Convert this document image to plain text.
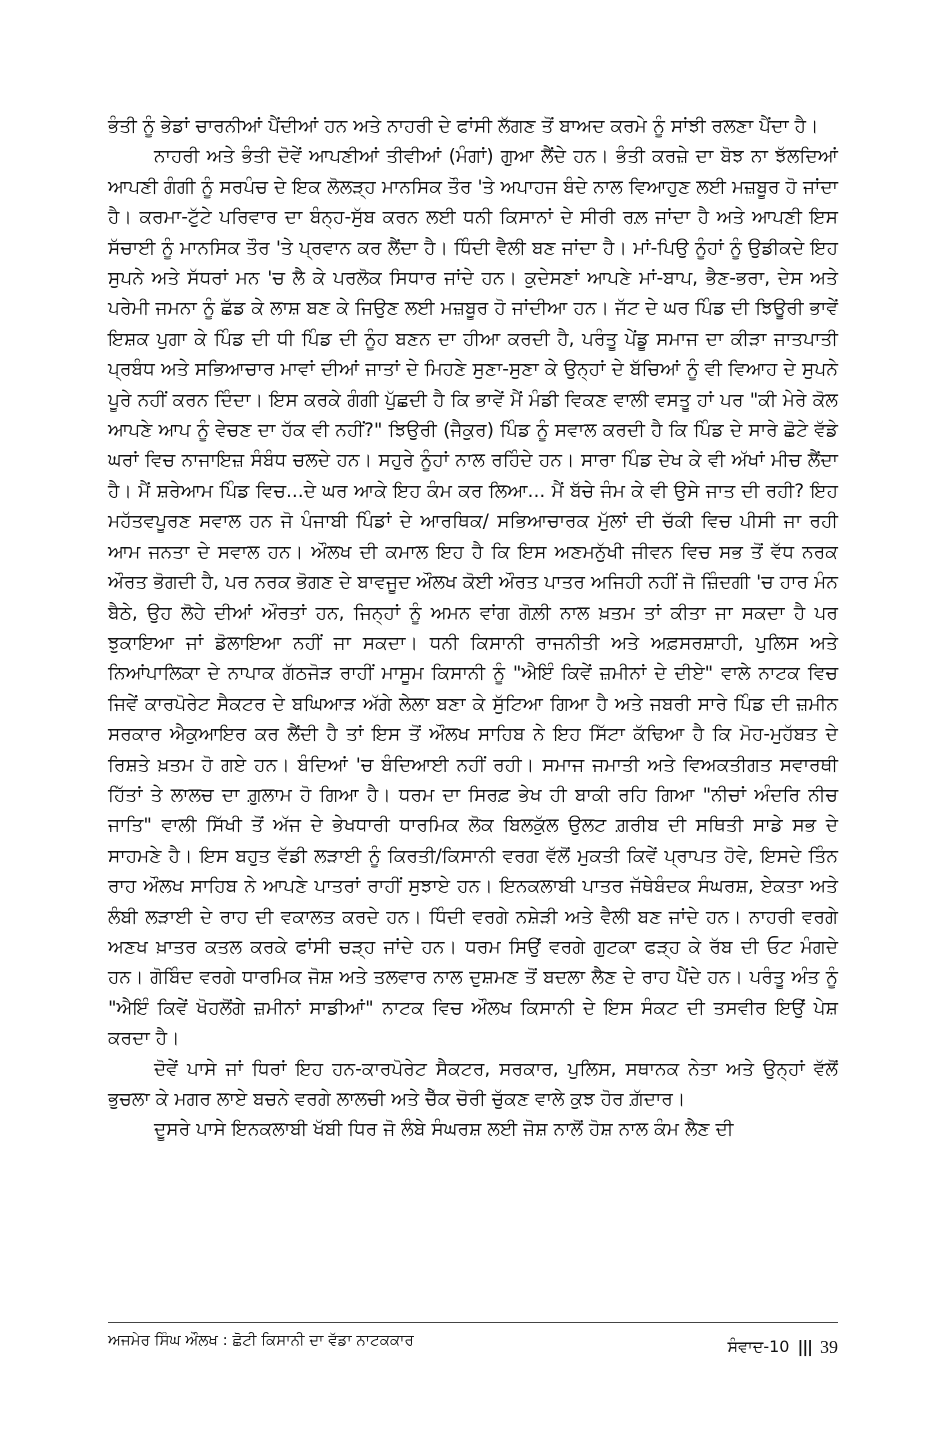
ਭੰਤੀ ਨੂੰ ਭੇਡਾਂ ਚਾਰਨੀਆਂ ਪੈਂਦੀਆਂ ਹਨ ਅਤੇ ਨਾਹਰੀ ਦੇ ਫਾਂਸੀ ਲੱਗਣ ਤੋਂ ਬਾਅਦ ਕਰਮੇ ਨੂੰ ਸਾਂਝੀ ਰਲਣਾ ਪੈਂਦਾ ਹੈ।

ਨਾਹਰੀ ਅਤੇ ਭੰਤੀ ਦੋਵੇਂ ਆਪਣੀਆਂ ਤੀਵੀਆਂ (ਮੰਗਾਂ) ਗੁਆ ਲੈਂਦੇ ਹਨ। ਭੰਤੀ ਕਰਜ਼ੇ ਦਾ ਬੋਝ ਨਾ ਝੱਲਦਿਆਂ ਆਪਣੀ ਗੰਗੀ ਨੂੰ ਸਰਪੰਚ ਦੇ ਇਕ ਲੋਲੜ੍ਹ ਮਾਨਸਿਕ ਤੌਰ 'ਤੇ ਅਪਾਹਜ ਬੰਦੇ ਨਾਲ ਵਿਆਹੁਣ ਲਈ ਮਜ਼ਬੂਰ ਹੋ ਜਾਂਦਾ ਹੈ। ਕਰਮਾ-ਟੁੱਟੇ ਪਰਿਵਾਰ ਦਾ ਬੰਨ੍ਹ-ਸੁੱਬ ਕਰਨ ਲਈ ਧਨੀ ਕਿਸਾਨਾਂ ਦੇ ਸੀਰੀ ਰਲ਼ ਜਾਂਦਾ ਹੈ ਅਤੇ ਆਪਣੀ ਇਸ ਸੱਚਾਈ ਨੂੰ ਮਾਨਸਿਕ ਤੌਰ 'ਤੇ ਪ੍ਰਵਾਨ ਕਰ ਲੈਂਦਾ ਹੈ। ਧਿੰਦੀ ਵੈਲੀ ਬਣ ਜਾਂਦਾ ਹੈ। ਮਾਂ-ਪਿਉ ਨੂੰਹਾਂ ਨੂੰ ਉਡੀਕਦੇ ਇਹ ਸੁਪਨੇ ਅਤੇ ਸੱਧਰਾਂ ਮਨ 'ਚ ਲੈ ਕੇ ਪਰਲੋਕ ਸਿਧਾਰ ਜਾਂਦੇ ਹਨ। ਕੁਦੇਸਣਾਂ ਆਪਣੇ ਮਾਂ-ਬਾਪ, ਭੈਣ-ਭਰਾ, ਦੇਸ ਅਤੇ ਪਰੇਮੀ ਜਮਨਾ ਨੂੰ ਛੱਡ ਕੇ ਲਾਸ਼ ਬਣ ਕੇ ਜਿਉਣ ਲਈ ਮਜ਼ਬੂਰ ਹੋ ਜਾਂਦੀਆ ਹਨ। ਜੱਟ ਦੇ ਘਰ ਪਿੰਡ ਦੀ ਝਿਊਰੀ ਭਾਵੇਂ ਇਸ਼ਕ ਪੁਗਾ ਕੇ ਪਿੰਡ ਦੀ ਧੀ ਪਿੰਡ ਦੀ ਨੂੰਹ ਬਣਨ ਦਾ ਹੀਆ ਕਰਦੀ ਹੈ, ਪਰੰਤੂ ਪੇਂਡੂ ਸਮਾਜ ਦਾ ਕੀੜਾ ਜਾਤਪਾਤੀ ਪ੍ਰਬੰਧ ਅਤੇ ਸਭਿਆਚਾਰ ਮਾਵਾਂ ਦੀਆਂ ਜਾਤਾਂ ਦੇ ਮਿਹਣੇ ਸੁਣਾ-ਸੁਣਾ ਕੇ ਉਨ੍ਹਾਂ ਦੇ ਬੱਚਿਆਂ ਨੂੰ ਵੀ ਵਿਆਹ ਦੇ ਸੁਪਨੇ ਪੂਰੇ ਨਹੀਂ ਕਰਨ ਦਿੰਦਾ। ਇਸ ਕਰਕੇ ਗੰਗੀ ਪੁੱਛਦੀ ਹੈ ਕਿ ਭਾਵੇਂ ਮੈਂ ਮੰਡੀ ਵਿਕਣ ਵਾਲੀ ਵਸਤੂ ਹਾਂ ਪਰ "ਕੀ ਮੇਰੇ ਕੋਲ ਆਪਣੇ ਆਪ ਨੂੰ ਵੇਚਣ ਦਾ ਹੱਕ ਵੀ ਨਹੀਂ?" ਝਿਉਰੀ (ਜੈਕੁਰ) ਪਿੰਡ ਨੂੰ ਸਵਾਲ ਕਰਦੀ ਹੈ ਕਿ ਪਿੰਡ ਦੇ ਸਾਰੇ ਛੋਟੇ ਵੱਡੇ ਘਰਾਂ ਵਿਚ ਨਾਜਾਇਜ਼ ਸੰਬੰਧ ਚਲਦੇ ਹਨ। ਸਹੁਰੇ ਨੂੰਹਾਂ ਨਾਲ ਰਹਿੰਦੇ ਹਨ। ਸਾਰਾ ਪਿੰਡ ਦੇਖ ਕੇ ਵੀ ਅੱਖਾਂ ਮੀਚ ਲੈਂਦਾ ਹੈ। ਮੈਂ ਸ਼ਰੇਆਮ ਪਿੰਡ ਵਿਚ...ਦੇ ਘਰ ਆਕੇ ਇਹ ਕੰਮ ਕਰ ਲਿਆ... ਮੈਂ ਬੱਚੇ ਜੰਮ ਕੇ ਵੀ ਉਸੇ ਜਾਤ ਦੀ ਰਹੀ? ਇਹ ਮਹੱਤਵਪੂਰਣ ਸਵਾਲ ਹਨ ਜੋ ਪੰਜਾਬੀ ਪਿੰਡਾਂ ਦੇ ਆਰਥਿਕ/ ਸਭਿਆਚਾਰਕ ਮੁੱਲਾਂ ਦੀ ਚੱਕੀ ਵਿਚ ਪੀਸੀ ਜਾ ਰਹੀ ਆਮ ਜਨਤਾ ਦੇ ਸਵਾਲ ਹਨ। ਔਲਖ ਦੀ ਕਮਾਲ ਇਹ ਹੈ ਕਿ ਇਸ ਅਣਮਨੁੱਖੀ ਜੀਵਨ ਵਿਚ ਸਭ ਤੋਂ ਵੱਧ ਨਰਕ ਔਰਤ ਭੋਗਦੀ ਹੈ, ਪਰ ਨਰਕ ਭੋਗਣ ਦੇ ਬਾਵਜੂਦ ਔਲਖ ਕੋਈ ਔਰਤ ਪਾਤਰ ਅਜਿਹੀ ਨਹੀਂ ਜੋ ਜ਼ਿੰਦਗੀ 'ਚ ਹਾਰ ਮੰਨ ਬੈਠੇ, ਉਹ ਲੋਹੇ ਦੀਆਂ ਔਰਤਾਂ ਹਨ, ਜਿਨ੍ਹਾਂ ਨੂੰ ਅਮਨ ਵਾਂਗ ਗੋਲ਼ੀ ਨਾਲ ਖ਼ਤਮ ਤਾਂ ਕੀਤਾ ਜਾ ਸਕਦਾ ਹੈ ਪਰ ਝੁਕਾਇਆ ਜਾਂ ਡੋਲਾਇਆ ਨਹੀਂ ਜਾ ਸਕਦਾ। ਧਨੀ ਕਿਸਾਨੀ ਰਾਜਨੀਤੀ ਅਤੇ ਅਫ਼ਸਰਸ਼ਾਹੀ, ਪੁਲਿਸ ਅਤੇ ਨਿਆਂਪਾਲਿਕਾ ਦੇ ਨਾਪਾਕ ਗੱਠਜੋੜ ਰਾਹੀਂ ਮਾਸੂਮ ਕਿਸਾਨੀ ਨੂੰ "ਐਇੰ ਕਿਵੇਂ ਜ਼ਮੀਨਾਂ ਦੇ ਦੀਏ" ਵਾਲੇ ਨਾਟਕ ਵਿਚ ਜਿਵੇਂ ਕਾਰਪੋਰੇਟ ਸੈਕਟਰ ਦੇ ਬਘਿਆੜ ਅੱਗੇ ਲੇਲਾ ਬਣਾ ਕੇ ਸੁੱਟਿਆ ਗਿਆ ਹੈ ਅਤੇ ਜਬਰੀ ਸਾਰੇ ਪਿੰਡ ਦੀ ਜ਼ਮੀਨ ਸਰਕਾਰ ਐਕੁਆਇਰ ਕਰ ਲੈਂਦੀ ਹੈ ਤਾਂ ਇਸ ਤੋਂ ਔਲਖ ਸਾਹਿਬ ਨੇ ਇਹ ਸਿੱਟਾ ਕੱਢਿਆ ਹੈ ਕਿ ਮੋਹ-ਮੁਹੱਬਤ ਦੇ ਰਿਸ਼ਤੇ ਖ਼ਤਮ ਹੋ ਗਏ ਹਨ। ਬੰਦਿਆਂ 'ਚ ਬੰਦਿਆਈ ਨਹੀਂ ਰਹੀ। ਸਮਾਜ ਜਮਾਤੀ ਅਤੇ ਵਿਅਕਤੀਗਤ ਸਵਾਰਥੀ ਹਿੱਤਾਂ ਤੇ ਲਾਲਚ ਦਾ ਗ਼ੁਲਾਮ ਹੋ ਗਿਆ ਹੈ। ਧਰਮ ਦਾ ਸਿਰਫ਼ ਭੇਖ ਹੀ ਬਾਕੀ ਰਹਿ ਗਿਆ "ਨੀਚਾਂ ਅੰਦਰਿ ਨੀਚ ਜਾਤਿ" ਵਾਲੀ ਸਿੱਖੀ ਤੋਂ ਅੱਜ ਦੇ ਭੇਖਧਾਰੀ ਧਾਰਮਿਕ ਲੋਕ ਬਿਲਕੁੱਲ ਉਲਟ ਗ਼ਰੀਬ ਦੀ ਸਥਿਤੀ ਸਾਡੇ ਸਭ ਦੇ ਸਾਹਮਣੇ ਹੈ। ਇਸ ਬਹੁਤ ਵੱਡੀ ਲੜਾਈ ਨੂੰ ਕਿਰਤੀ/ਕਿਸਾਨੀ ਵਰਗ ਵੱਲੋਂ ਮੁਕਤੀ ਕਿਵੇਂ ਪ੍ਰਾਪਤ ਹੋਵੇ, ਇਸਦੇ ਤਿੰਨ ਰਾਹ ਔਲਖ ਸਾਹਿਬ ਨੇ ਆਪਣੇ ਪਾਤਰਾਂ ਰਾਹੀਂ ਸੁਝਾਏ ਹਨ। ਇਨਕਲਾਬੀ ਪਾਤਰ ਜੱਥੇਬੰਦਕ ਸੰਘਰਸ਼, ਏਕਤਾ ਅਤੇ ਲੰਬੀ ਲੜਾਈ ਦੇ ਰਾਹ ਦੀ ਵਕਾਲਤ ਕਰਦੇ ਹਨ। ਧਿੰਦੀ ਵਰਗੇ ਨਸ਼ੇੜੀ ਅਤੇ ਵੈਲੀ ਬਣ ਜਾਂਦੇ ਹਨ। ਨਾਹਰੀ ਵਰਗੇ ਅਣਖ ਖ਼ਾਤਰ ਕਤਲ ਕਰਕੇ ਫਾਂਸੀ ਚੜ੍ਹ ਜਾਂਦੇ ਹਨ। ਧਰਮ ਸਿਉਂ ਵਰਗੇ ਗੁਟਕਾ ਫੜ੍ਹ ਕੇ ਰੱਬ ਦੀ ਓਟ ਮੰਗਦੇ ਹਨ। ਗੋਬਿੰਦ ਵਰਗੇ ਧਾਰਮਿਕ ਜੋਸ਼ ਅਤੇ ਤਲਵਾਰ ਨਾਲ ਦੁਸ਼ਮਣ ਤੋਂ ਬਦਲਾ ਲੈਣ ਦੇ ਰਾਹ ਪੈਂਦੇ ਹਨ। ਪਰੰਤੂ ਅੰਤ ਨੂੰ "ਐਇੰ ਕਿਵੇਂ ਖੋਹਲੋਂਗੇ ਜ਼ਮੀਨਾਂ ਸਾਡੀਆਂ" ਨਾਟਕ ਵਿਚ ਔਲਖ ਕਿਸਾਨੀ ਦੇ ਇਸ ਸੰਕਟ ਦੀ ਤਸਵੀਰ ਇਉਂ ਪੇਸ਼ ਕਰਦਾ ਹੈ।

ਦੋਵੇਂ ਪਾਸੇ ਜਾਂ ਧਿਰਾਂ ਇਹ ਹਨ-ਕਾਰਪੋਰੇਟ ਸੈਕਟਰ, ਸਰਕਾਰ, ਪੁਲਿਸ, ਸਥਾਨਕ ਨੇਤਾ ਅਤੇ ਉਨ੍ਹਾਂ ਵੱਲੋਂ ਭੁਚਲਾ ਕੇ ਮਗਰ ਲਾਏ ਬਚਨੇ ਵਰਗੇ ਲਾਲਚੀ ਅਤੇ ਚੈੱਕ ਚੋਰੀ ਚੁੱਕਣ ਵਾਲੇ ਕੁਝ ਹੋਰ ਗ਼ੱਦਾਰ।

ਦੂਸਰੇ ਪਾਸੇ ਇਨਕਲਾਬੀ ਖੱਬੀ ਧਿਰ ਜੋ ਲੰਬੇ ਸੰਘਰਸ਼ ਲਈ ਜੋਸ਼ ਨਾਲੋਂ ਹੋਸ਼ ਨਾਲ ਕੰਮ ਲੈਣ ਦੀ

ਅਜਮੇਰ ਸਿੰਘ ਔਲਖ : ਛੋਟੀ ਕਿਸਾਨੀ ਦਾ ਵੱਡਾ ਨਾਟਕਕਾਰ	ਸੰਵਾਦ-10 ||| 39
